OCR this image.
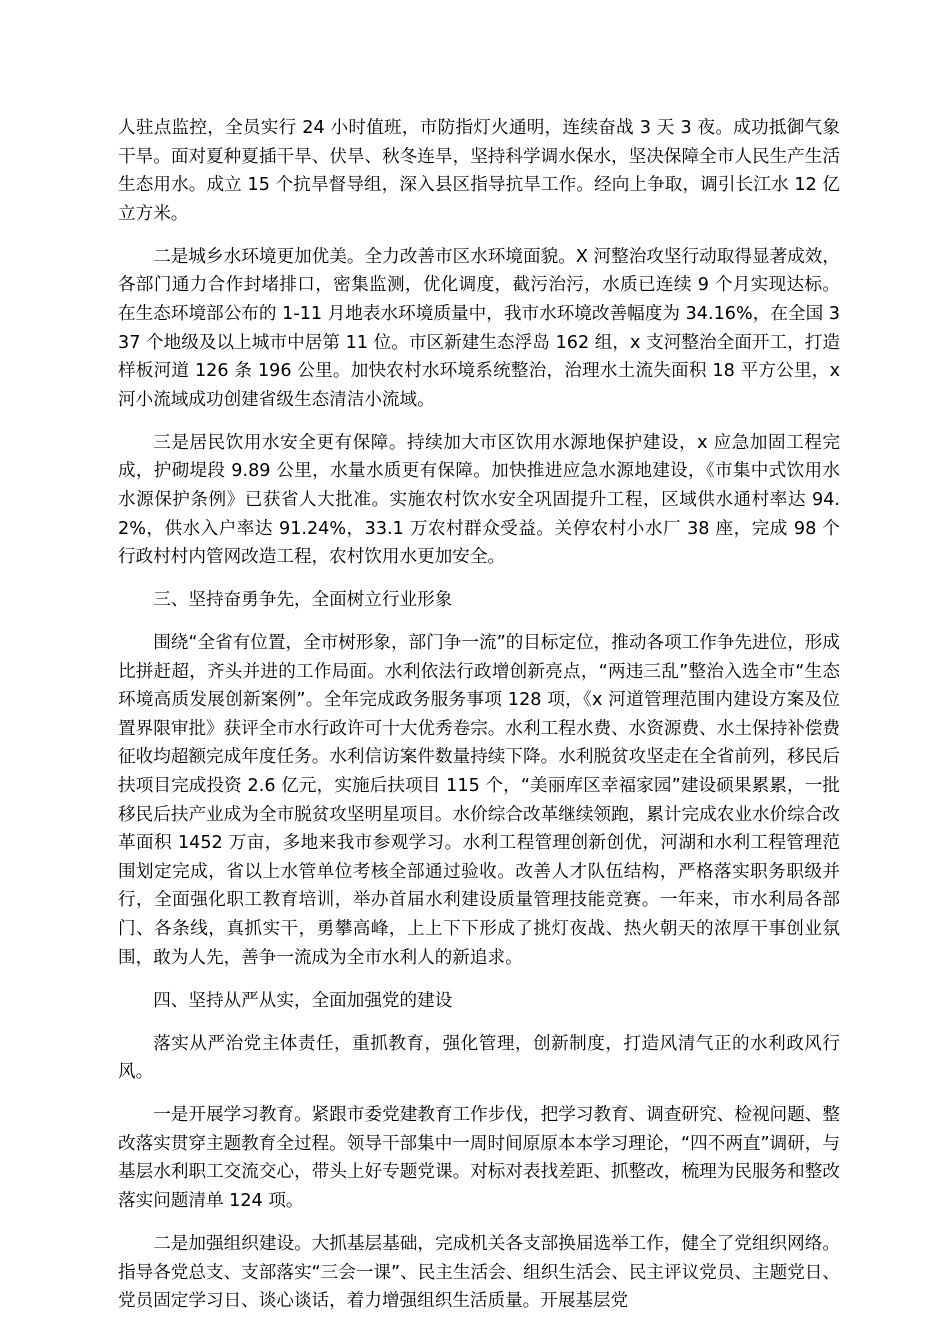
人驻点监控，全员实行 24 小时值班，市防指灯火通明，连续奋战 3 天 3 夜。成功抵御气象干旱。面对夏种夏插干旱、伏旱、秋冬连旱，坚持科学调水保水，坚决保障全市人民生产生活生态用水。成立 15 个抗旱督导组，深入县区指导抗旱工作。经向上争取，调引长江水 12 亿立方米。

二是城乡水环境更加优美。全力改善市区水环境面貌。X 河整治攻坚行动取得显著成效，各部门通力合作封堵排口，密集监测，优化调度，截污治污，水质已连续 9 个月实现达标。在生态环境部公布的 1-11 月地表水环境质量中，我市水环境改善幅度为 34.16%，在全国 337 个地级及以上城市中居第 11 位。市区新建生态浮岛 162 组，x 支河整治全面开工，打造样板河道 126 条 196 公里。加快农村水环境系统整治，治理水土流失面积 18 平方公里，x 河小流域成功创建省级生态清洁小流域。

三是居民饮用水安全更有保障。持续加大市区饮用水源地保护建设，x 应急加固工程完成，护砌堤段 9.89 公里，水量水质更有保障。加快推进应急水源地建设，《市集中式饮用水水源保护条例》已获省人大批准。实施农村饮水安全巩固提升工程，区域供水通村率达 94.2%，供水入户率达 91.24%，33.1 万农村群众受益。关停农村小水厂 38 座，完成 98 个行政村村内管网改造工程，农村饮用水更加安全。

三、坚持奋勇争先，全面树立行业形象

围绕“全省有位置，全市树形象，部门争一流”的目标定位，推动各项工作争先进位，形成比拼赶超，齐头并进的工作局面。水利依法行政增创新亮点，“两违三乱”整治入选全市“生态环境高质发展创新案例”。全年完成政务服务事项 128 项，《x 河道管理范围内建设方案及位置界限审批》获评全市水行政许可十大优秀卷宗。水利工程水费、水资源费、水土保持补偿费征收均超额完成年度任务。水利信访案件数量持续下降。水利脱贫攻坚走在全省前列，移民后扶项目完成投资 2.6 亿元，实施后扶项目 115 个，“美丽库区幸福家园”建设硕果累累，一批移民后扶产业成为全市脱贫攻坚明星项目。水价综合改革继续领跑，累计完成农业水价综合改革面积 1452 万亩，多地来我市参观学习。水利工程管理创新创优，河湖和水利工程管理范围划定完成，省以上水管单位考核全部通过验收。改善人才队伍结构，严格落实职务职级并行，全面强化职工教育培训，举办首届水利建设质量管理技能竞赛。一年来，市水利局各部门、各条线，真抓实干，勇攀高峰，上上下下形成了挑灯夜战、热火朝天的浓厚干事创业氛围，敢为人先，善争一流成为全市水利人的新追求。

四、坚持从严从实，全面加强党的建设

落实从严治党主体责任，重抓教育，强化管理，创新制度，打造风清气正的水利政风行风。

一是开展学习教育。紧跟市委党建教育工作步伐，把学习教育、调查研究、检视问题、整改落实贯穿主题教育全过程。领导干部集中一周时间原原本本学习理论，“四不两直”调研，与基层水利职工交流交心，带头上好专题党课。对标对表找差距、抓整改，梳理为民服务和整改落实问题清单 124 项。

二是加强组织建设。大抓基层基础，完成机关各支部换届选举工作，健全了党组织网络。指导各党总支、支部落实“三会一课”、民主生活会、组织生活会、民主评议党员、主题党日、党员固定学习日、谈心谈话，着力增强组织生活质量。开展基层党
